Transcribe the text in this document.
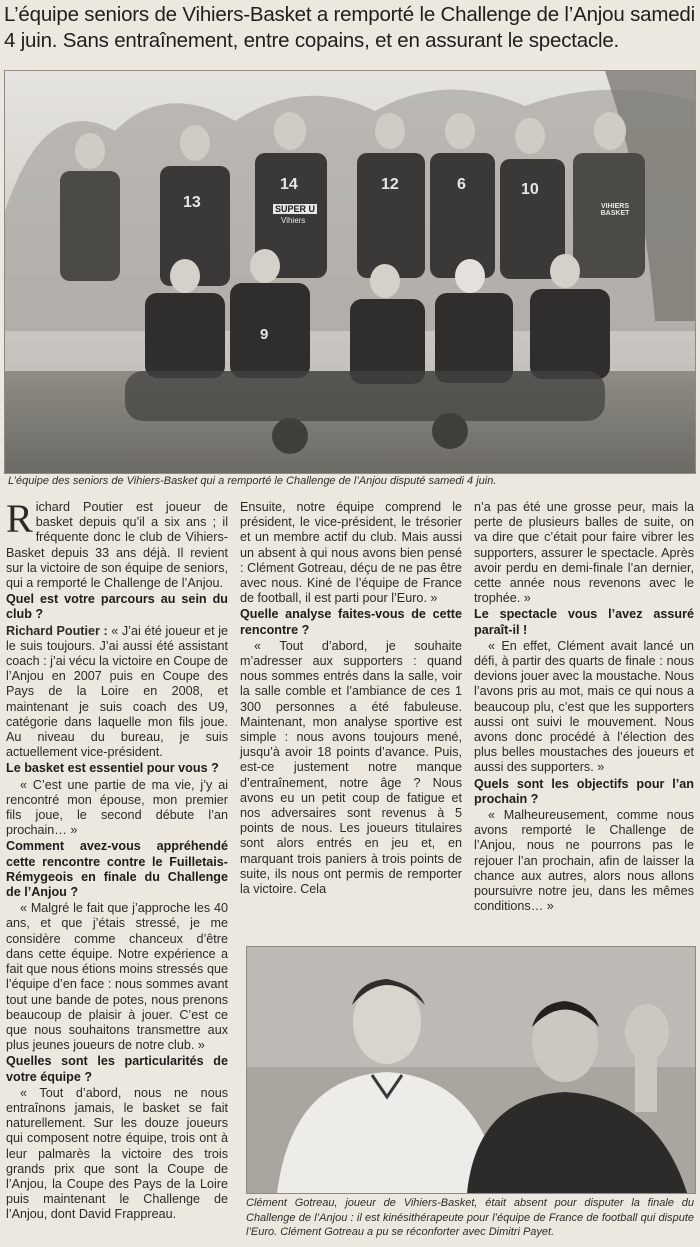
L’équipe seniors de Vihiers-Basket a remporté le Challenge de l’Anjou samedi 4 juin. Sans entraînement, entre copains, et en assurant le spectacle.
13
14	12	6	10
9
SUPER U
Vihiers
VIHIERS BASKET
L’équipe des seniors de Vihiers-Basket qui a remporté le Challenge de l’Anjou disputé samedi 4 juin.

Richard Poutier est joueur de basket depuis qu’il a six ans ; il fréquente donc le club de Vihiers-Basket depuis 33 ans déjà. Il revient sur la victoire de son équipe de seniors, qui a remporté le Challenge de l’Anjou.

Quel est votre parcours au sein du club ?

Richard Poutier : « J’ai été joueur et je le suis toujours. J’ai aussi été assistant coach : j’ai vécu la victoire en Coupe de l’Anjou en 2007 puis en Coupe des Pays de la Loire en 2008, et maintenant je suis coach des U9, catégorie dans laquelle mon fils joue. Au niveau du bureau, je suis actuellement vice-président.

Le basket est essentiel pour vous ?

« C’est une partie de ma vie, j’y ai rencontré mon épouse, mon premier fils joue, le second débute l’an prochain… »

Comment avez-vous appréhendé cette rencontre contre le Fuilletais-Rémygeois en finale du Challenge de l’Anjou ?

« Malgré le fait que j’approche les 40 ans, et que j’étais stressé, je me considère comme chanceux d’être dans cette équipe. Notre expérience a fait que nous étions moins stressés que l’équipe d’en face : nous sommes avant tout une bande de potes, nous prenons beaucoup de plaisir à jouer. C’est ce que nous souhaitons transmettre aux plus jeunes joueurs de notre club. »

Quelles sont les particularités de votre équipe ?

« Tout d’abord, nous ne nous entraînons jamais, le basket se fait naturellement. Sur les douze joueurs qui composent notre équipe, trois ont à leur palmarès la victoire des trois grands prix que sont la Coupe de l’Anjou, la Coupe des Pays de la Loire puis maintenant le Challenge de l’Anjou, dont David Frappreau.

Ensuite, notre équipe comprend le président, le vice-président, le trésorier et un membre actif du club. Mais aussi un absent à qui nous avons bien pensé : Clément Gotreau, déçu de ne pas être avec nous. Kiné de l’équipe de France de football, il est parti pour l’Euro. »

Quelle analyse faites-vous de cette rencontre ?

« Tout d’abord, je souhaite m’adresser aux supporters : quand nous sommes entrés dans la salle, voir la salle comble et l’ambiance de ces 1 300 personnes a été fabuleuse. Maintenant, mon analyse sportive est simple : nous avons toujours mené, jusqu’à avoir 18 points d’avance. Puis, est-ce justement notre manque d’entraînement, notre âge ? Nous avons eu un petit coup de fatigue et nos adversaires sont revenus à 5 points de nous. Les joueurs titulaires sont alors entrés en jeu et, en marquant trois paniers à trois points de suite, ils nous ont permis de remporter la victoire. Cela

n’a pas été une grosse peur, mais la perte de plusieurs balles de suite, on va dire que c’était pour faire vibrer les supporters, assurer le spectacle. Après avoir perdu en demi-finale l’an dernier, cette année nous revenons avec le trophée. »

Le spectacle vous l’avez assuré paraît-il !

« En effet, Clément avait lancé un défi, à partir des quarts de finale : nous devions jouer avec la moustache. Nous l’avons pris au mot, mais ce qui nous a beaucoup plu, c’est que les supporters aussi ont suivi le mouvement. Nous avons donc procédé à l’élection des plus belles moustaches des joueurs et aussi des supporters. »

Quels sont les objectifs pour l’an prochain ?

« Malheureusement, comme nous avons remporté le Challenge de l’Anjou, nous ne pourrons pas le rejouer l’an prochain, afin de laisser la chance aux autres, alors nous allons poursuivre notre jeu, dans les mêmes conditions… »

Clément Gotreau, joueur de Vihiers-Basket, était absent pour disputer la finale du Challenge de l’Anjou : il est kinésithérapeute pour l’équipe de France de football qui dispute l’Euro. Clément Gotreau a pu se réconforter avec Dimitri Payet.
